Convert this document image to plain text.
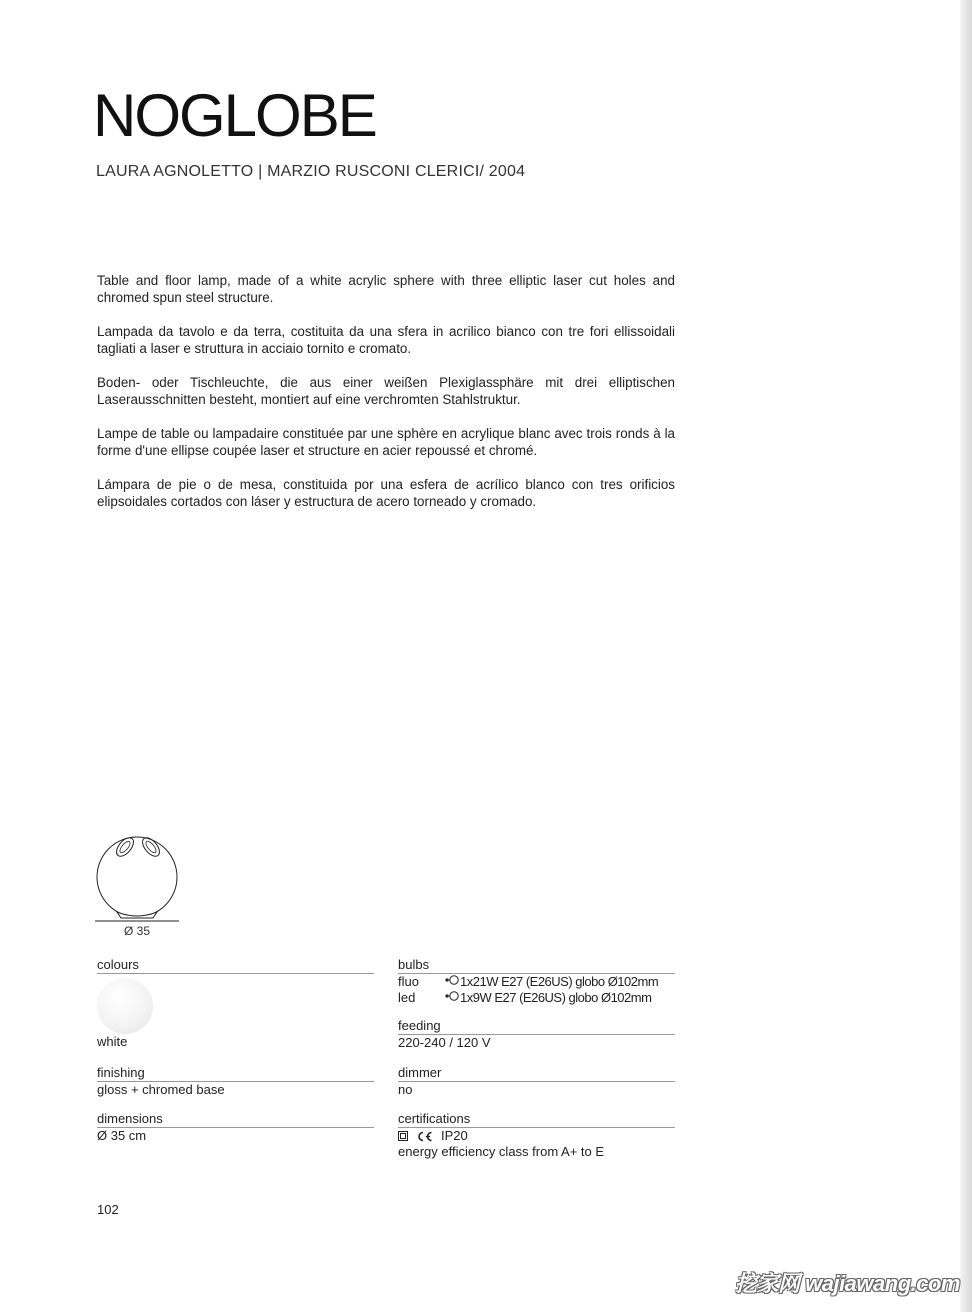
NOGLOBE
LAURA AGNOLETTO | MARZIO RUSCONI CLERICI/ 2004

Table and floor lamp, made of a white acrylic sphere with three elliptic laser cut holes and chromed spun steel structure.

Lampada da tavolo e da terra, costituita da una sfera in acrilico bianco con tre fori ellissoidali tagliati a laser e struttura in acciaio tornito e cromato.

Boden- oder Tischleuchte, die aus einer weißen Plexiglassphäre mit drei elliptischen Laserausschnitten besteht, montiert auf eine verchromten Stahlstruktur.

Lampe de table ou lampadaire constituée par une sphère en acrylique blanc avec trois ronds à la forme d'une ellipse coupée laser et structure en acier repoussé et chromé.

Lámpara de pie o de mesa, constituida por una esfera de acrílico blanco con tres orificios elipsoidales cortados con láser y estructura de acero torneado y cromado.

Ø 35
colours
white
finishing
gloss + chromed base
dimensions
Ø 35 cm
bulbs
fluo	1x21W E27 (E26US) globo Ø102mm
led	1x9W E27 (E26US) globo Ø102mm
feeding
220-240 / 120 V
dimmer
no
certifications
IP20
energy efficiency class from A+ to E
102
挖家网 wajiawang.com
